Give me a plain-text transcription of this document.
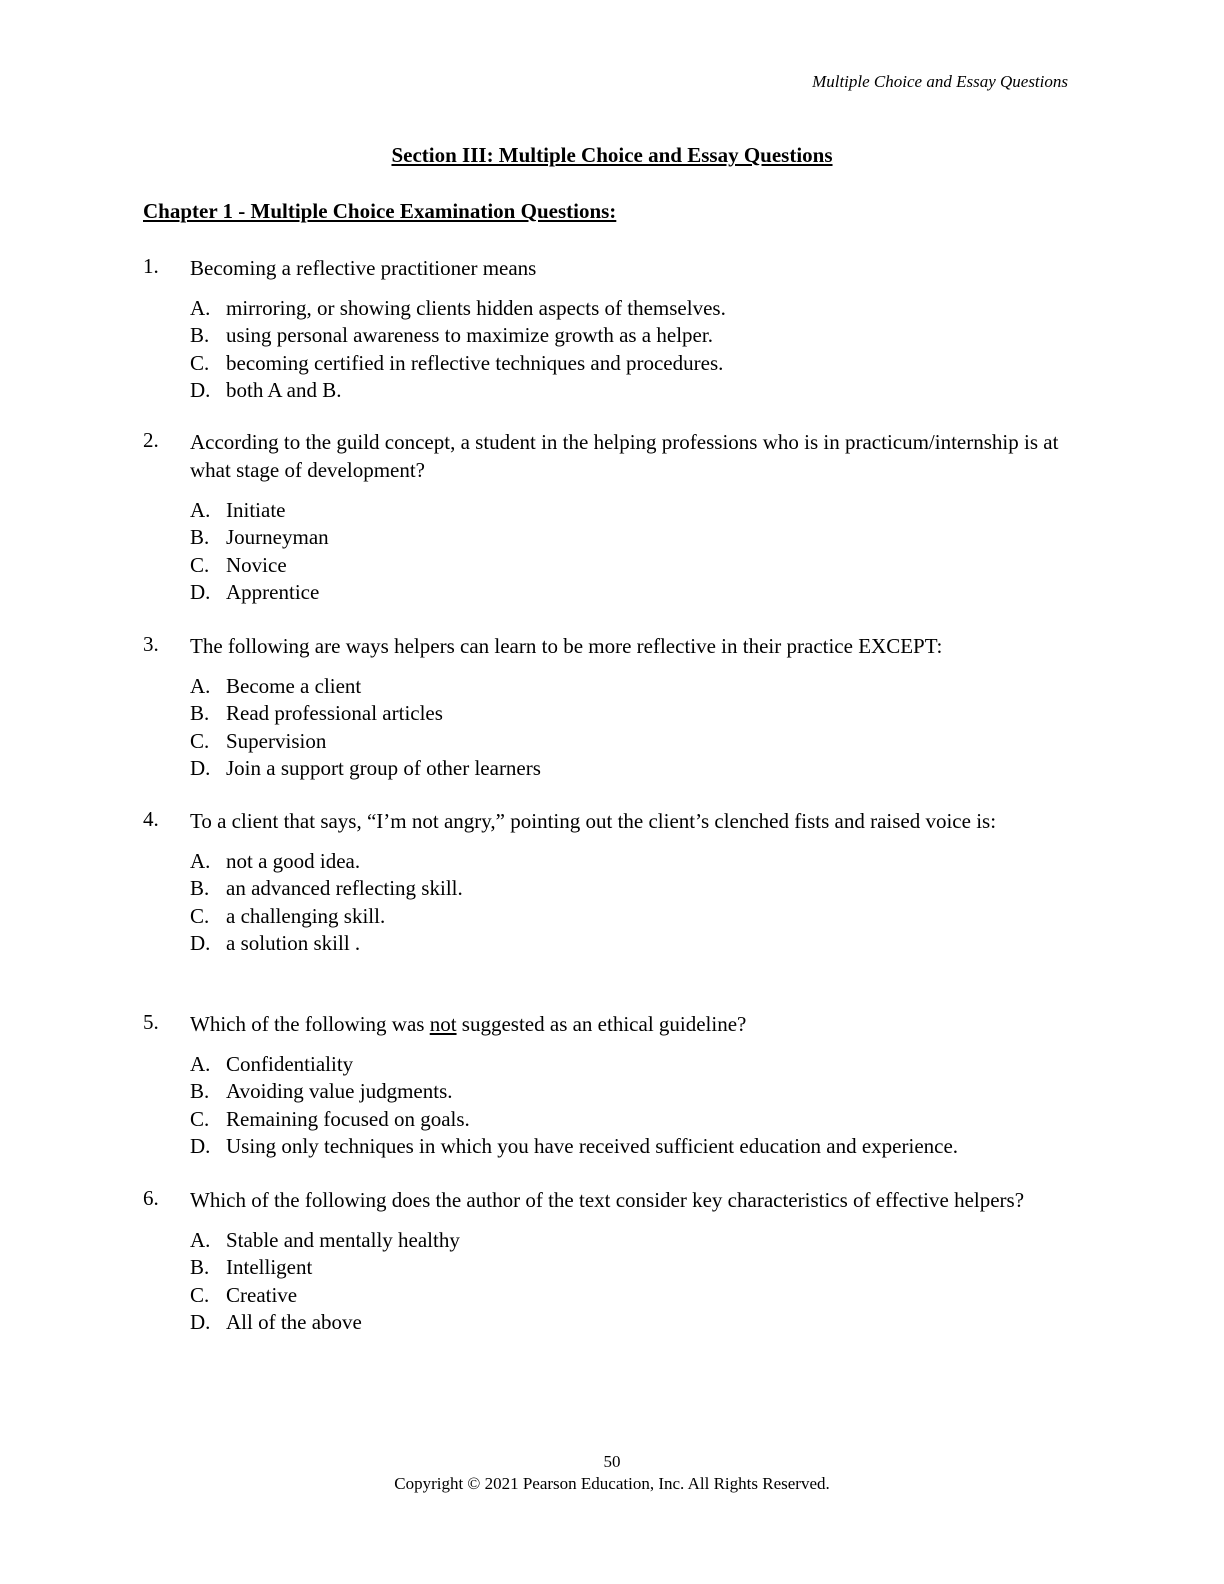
Multiple Choice and Essay Questions
Section III: Multiple Choice and Essay Questions
Chapter 1 - Multiple Choice Examination Questions:
1.	Becoming a reflective practitioner means
A. mirroring, or showing clients hidden aspects of themselves.
B. using personal awareness to maximize growth as a helper.
C. becoming certified in reflective techniques and procedures.
D. both A and B.
2.	According to the guild concept, a student in the helping professions who is in practicum/internship is at what stage of development?
A. Initiate
B. Journeyman
C. Novice
D. Apprentice
3.	The following are ways helpers can learn to be more reflective in their practice EXCEPT:
A. Become a client
B. Read professional articles
C. Supervision
D. Join a support group of other learners
4.	To a client that says, “I’m not angry,” pointing out the client’s clenched fists and raised voice is:
A. not a good idea.
B. an advanced reflecting skill.
C. a challenging skill.
D. a solution skill .
5.	Which of the following was not suggested as an ethical guideline?
A. Confidentiality
B. Avoiding value judgments.
C. Remaining focused on goals.
D. Using only techniques in which you have received sufficient education and experience.
6.	Which of the following does the author of the text consider key characteristics of effective helpers?
A. Stable and mentally healthy
B. Intelligent
C. Creative
D. All of the above
50
Copyright © 2021 Pearson Education, Inc. All Rights Reserved.
